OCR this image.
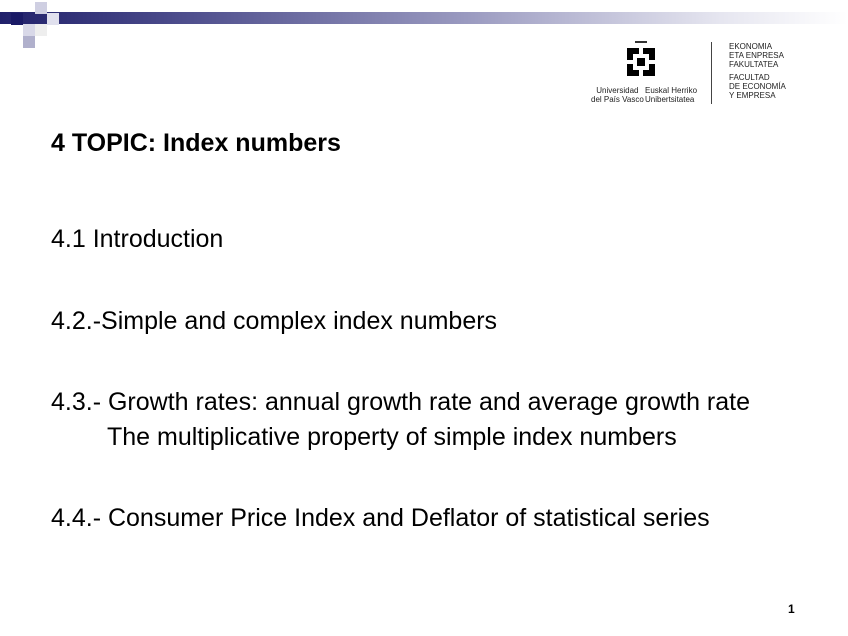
Universidad
del País Vasco
Euskal Herriko
Unibertsitatea
EKONOMIA
ETA ENPRESA
FAKULTATEA
FACULTAD
DE ECONOMÍA
Y EMPRESA
4 TOPIC: Index numbers
4.1 Introduction
4.2.-Simple and complex index numbers
4.3.- Growth rates: annual growth rate and average growth rate
The multiplicative property of simple index numbers
4.4.- Consumer Price Index and Deflator of statistical series
1
